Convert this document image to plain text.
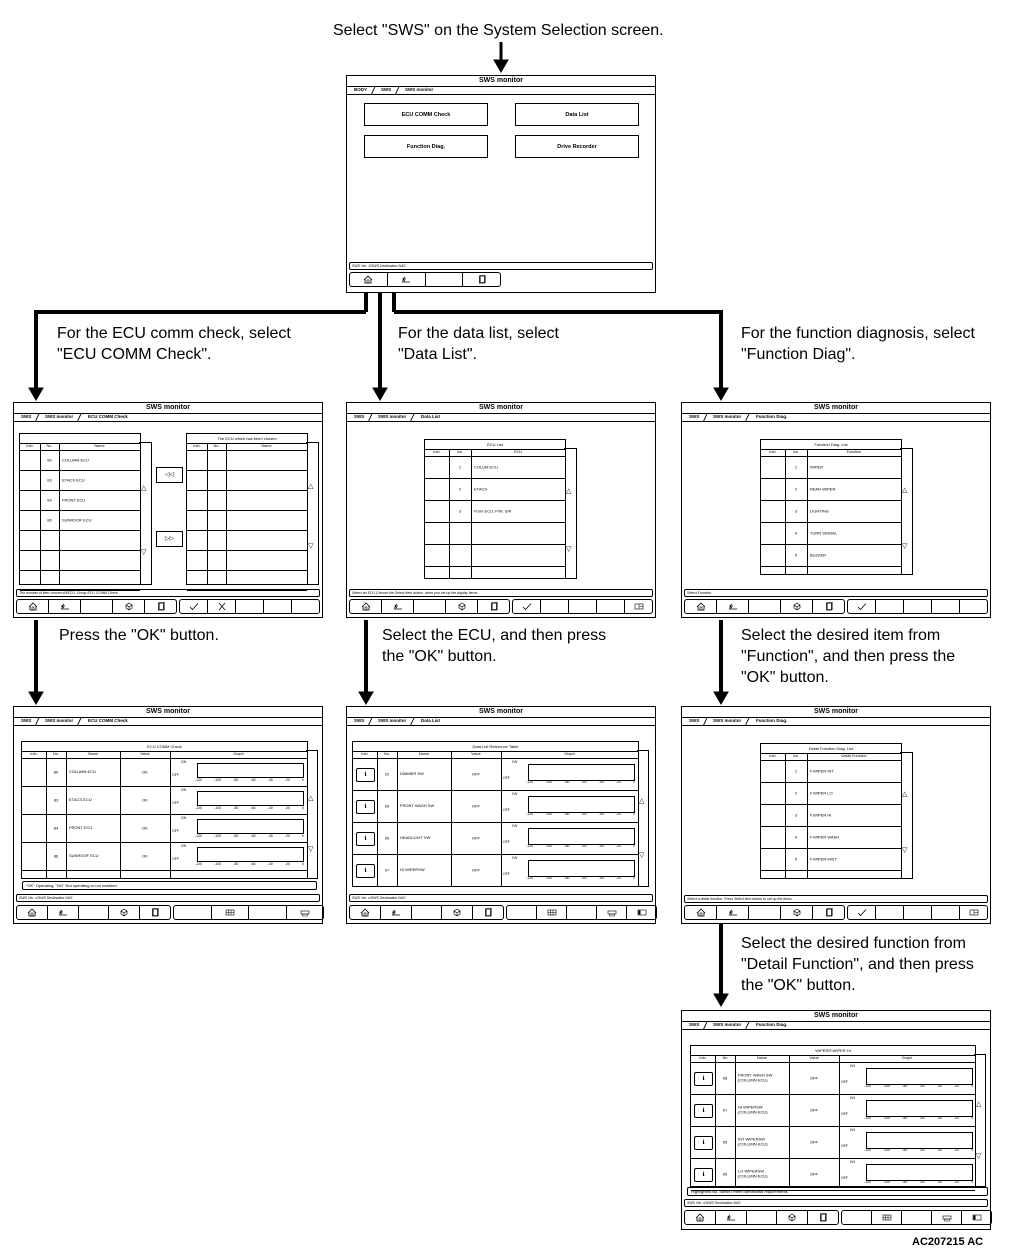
Select "SWS" on the System Selection screen.
For the ECU comm check, select
"ECU COMM Check".
For the data list, select
"Data List".
For the function diagnosis, select
"Function Diag".
Press the "OK" button.	Select the ECU, and then press
the "OK" button.
Select the desired item from
"Function", and then press the
"OK" button.
Select the desired function from
"Detail Function", and then press
the "OK" button.
AC207215 AC
SWS monitor
BODY	SWS	SWS monitor
ECU COMM Check	Data List
Function Diag.	Drive Recorder
SWS Ver. 1/SWS Destination NAS
SWS monitor
SWS	SWS monitor	ECU COMM Check
Info.	No.	Name
80	COLUMN ECU
83	ETACS ECU
84	FRONT ECU
86	SUNROOF ECU
△
▽
The ECU which has been chosen
Info.	No.	Name
△
▽
◁◁
▷▷
The number of item chosen:4/4ECU, Group ECU COMM Check
SWS monitor
SWS	SWS monitor	Data List
ECU List
Info.	No.	ECU
1	COLUM ECU
2	ETACS
3	From ECU, P/W, S/R
△
▽
Select an ECU.Choose the Select item button, when you set up the display items.
SWS monitor
SWS	SWS monitor	Function Diag.
Function Diag. List
Info.	No.	Function
1	WIPER
2	REAR WIPER
3	LIGHTING
4	TURN SIGNAL
5	BUZZER
△
▽
Select Function.
SWS monitor
SWS	SWS monitor	ECU COMM Check
ECU COMM Check
Info.	No.	Name	Value	Graph
80	COLUMN ECU	OK
ON
OFF
-120	-100	-80	-60	-40	-20	0
83	ETACS ECU	OK
ON
OFF
-120	-100	-80	-60	-40	-20	0
84	FRONT ECU	OK
ON
OFF
-120	-100	-80	-60	-40	-20	0
86	SUNROOF ECU	OK
ON
OFF
-120	-100	-80	-60	-40	-20	0
△
▽
"OK" Operating, "NG" Not operating or not installed.
SWS Ver. x/SWS Destination NAS
SWS monitor
SWS	SWS monitor	Data List
Data List Reference Table
Info.	No.	Name	Value	Graph
ℹ	02	DIMMER SW	OFF
ON
OFF
-120	-100	-80	-60	-40	-20	0
ℹ	09	FRONT WASH SW	OFF
ON
OFF
-120	-100	-80	-60	-40	-20	0
ℹ	00	HEADLIGHT SW	OFF
ON
OFF
-120	-100	-80	-60	-40	-20	0
ℹ	07	HI WIPERSW	OFF
ON
OFF
-120	-100	-80	-60	-40	-20	0
△
▽
SWS Ver. x/SWS Destination NAS
SWS monitor
SWS	SWS monitor	Function Diag.
Detail Function Diag. List
Info.	No.	Detail Function
1	F.WIPER INT
2	F.WIPER LO
3	F.WIPER HI
4	F.WIPER WASH
5	F.WIPER MIST
△
▽
Select a detail function. Press Select item button to set up the items.
SWS monitor
SWS	SWS monitor	Function Diag.
WIPER/F.WIPER HI
Info.	No	Name	Value	Graph
ℹ	08
FRONT WASH SW
(COLUMN ECU)	OFF
ON
OFF
-120	-100	-80	-60	-40	-20	0
ℹ	07
HI WIPERSW
(COLUMN ECU)	OFF
ON
OFF
-120	-100	-80	-60	-40	-20	0
ℹ	05
INT WIPERSW
(COLUMN ECU)	OFF
ON
OFF
-120	-100	-80	-60	-40	-20	0
ℹ	06
LO WIPERSW
(COLUMN ECU)	OFF
ON
OFF
-120	-100	-80	-60	-40	-20	0
△
▽
Highlighted No. doesn't meet operational requirements.
SWS Ver. x/SWS Destination NAS
